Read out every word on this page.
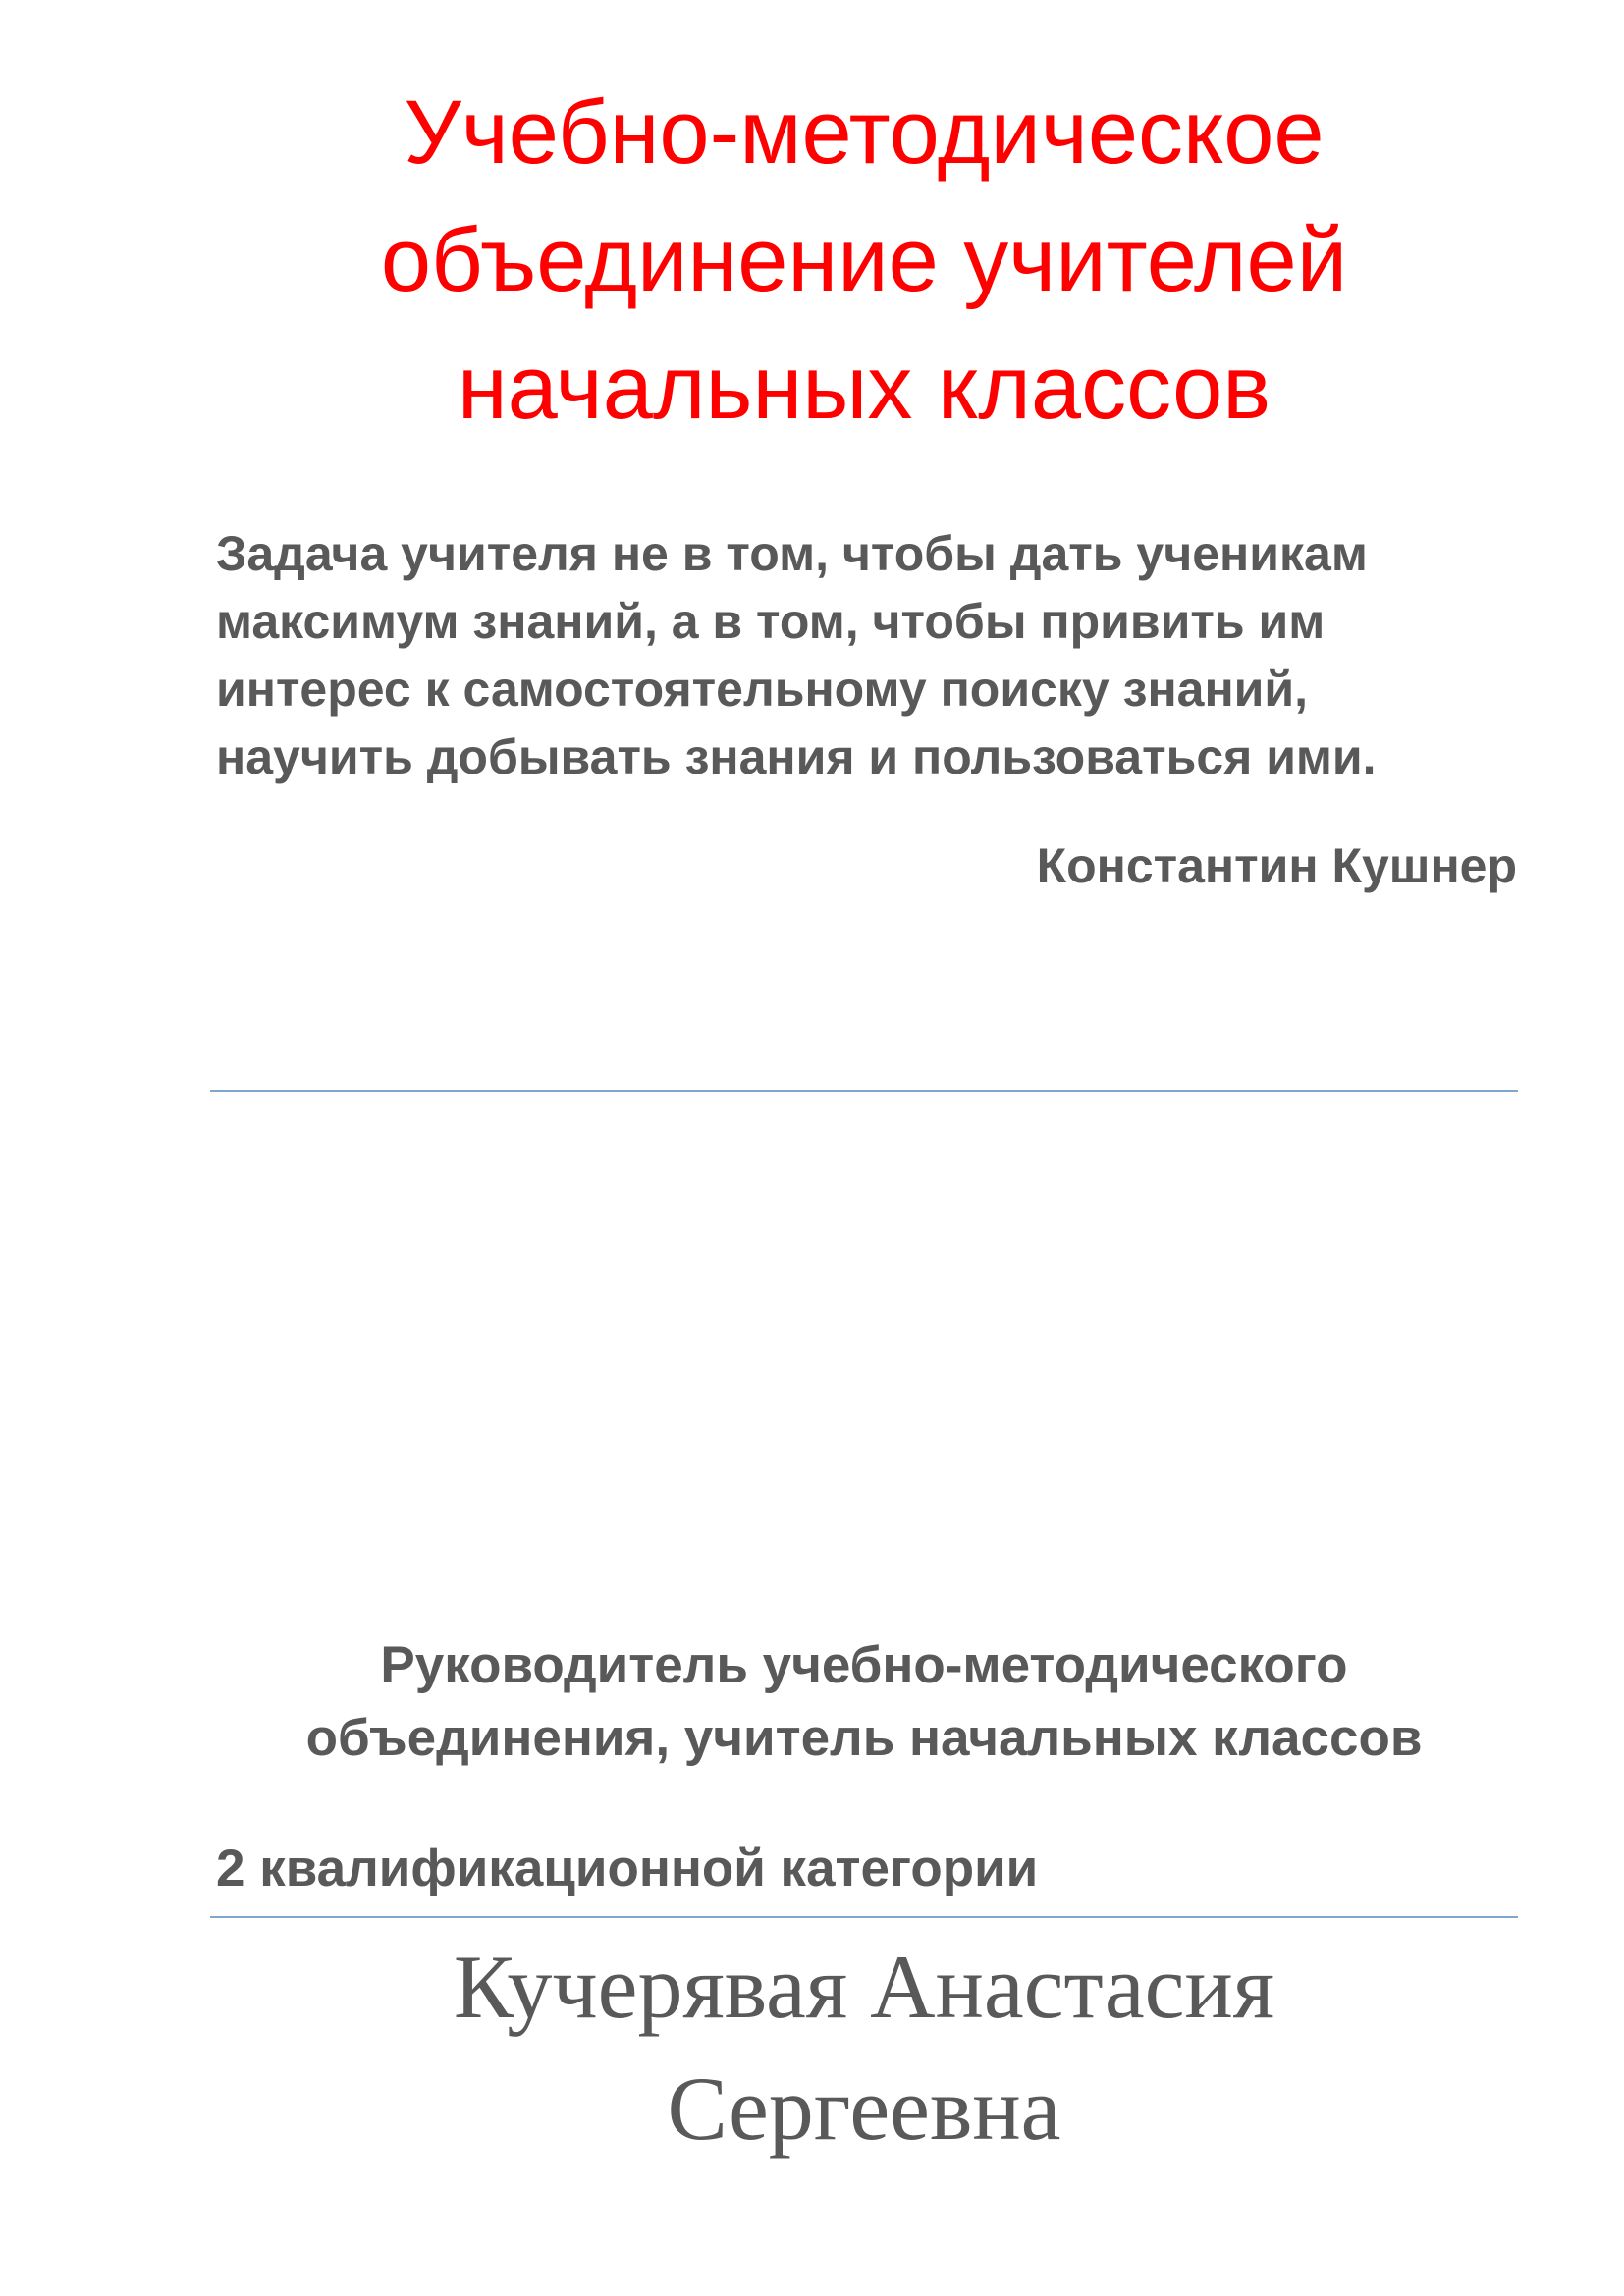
Учебно-методическое
объединение учителей
начальных классов
Задача учителя не в том, чтобы дать ученикам
максимум знаний, а в том, чтобы привить им
интерес к самостоятельному поиску знаний,
научить добывать знания и пользоваться ими.

Константин Кушнер

Руководитель учебно-методического
объединения, учитель начальных классов

2 квалификационной категории

Кучерявая Анастасия
Сергеевна
